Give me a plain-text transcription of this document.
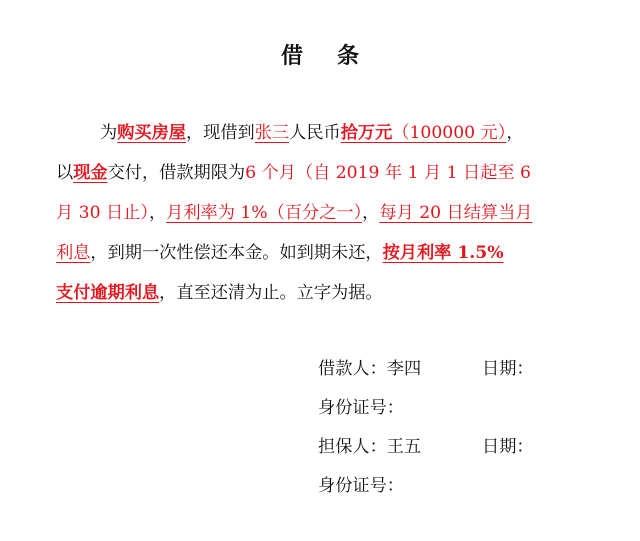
借 条
为购买房屋，现借到张三人民币拾万元（100000 元），
以现金交付，借款期限为6 个月（自 2019 年 1 月 1 日起至 6
月 30 日止），月利率为 1%（百分之一），每月 20 日结算当月
利息，到期一次性偿还本金。如到期未还，按月利率 1.5%
支付逾期利息，直至还清为止。立字为据。
借款人：李四	日期：
身份证号：
担保人：王五	日期：
身份证号：
